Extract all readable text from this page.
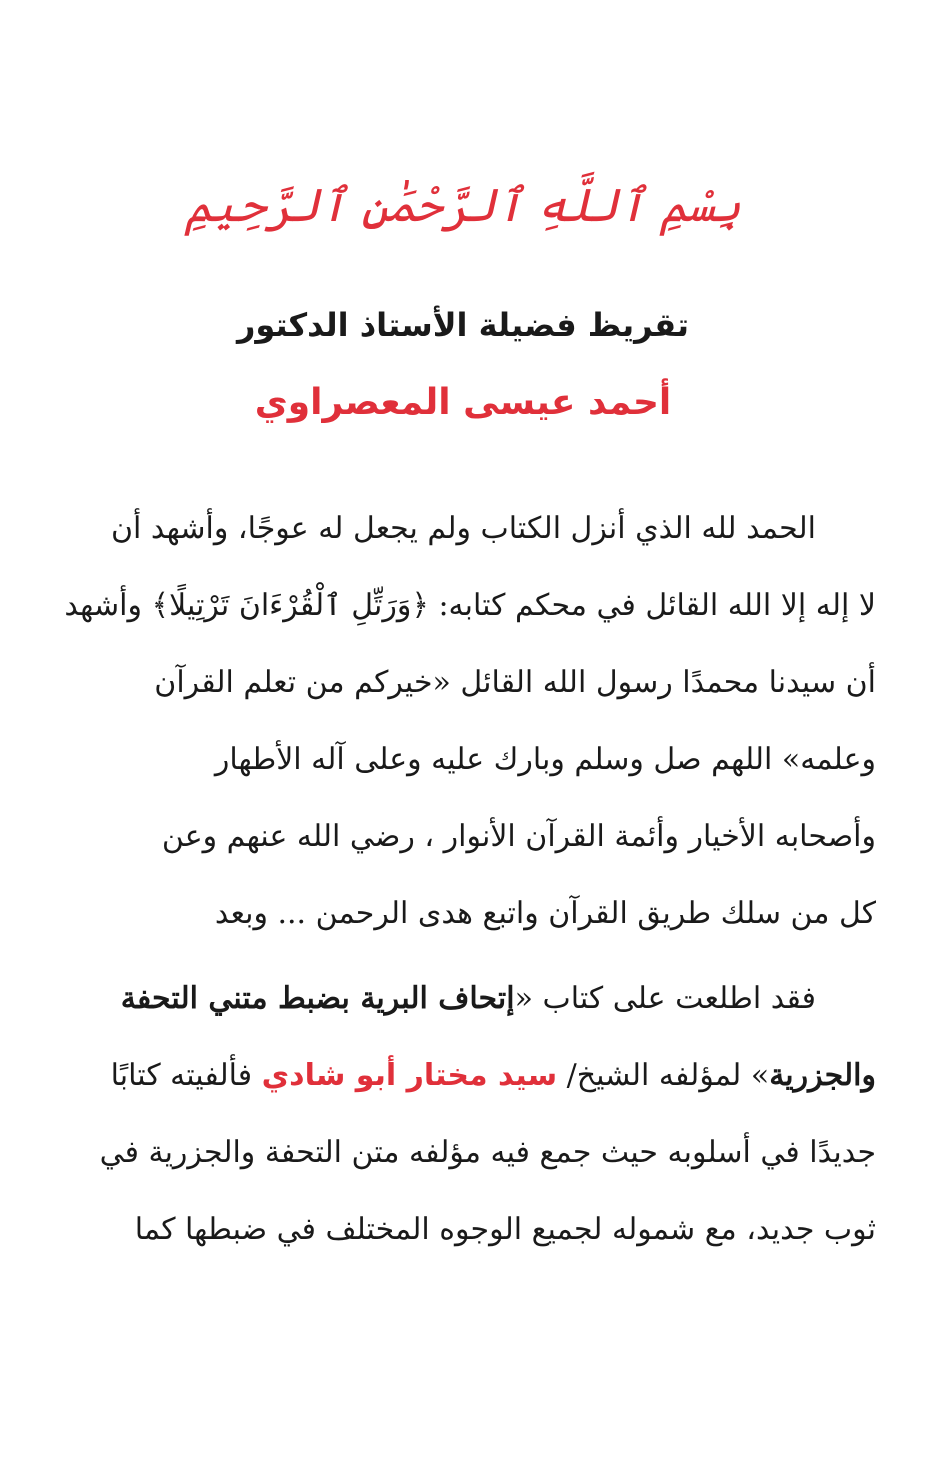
بِسْمِ ٱللَّهِ ٱلرَّحْمَٰنِ ٱلرَّحِيمِ
تقريظ فضيلة الأستاذ الدكتور
أحمد عيسى المعصراوي
الحمد لله الذي أنزل الكتاب ولم يجعل له عوجًا، وأشهد أن
لا إله إلا الله القائل في محكم كتابه: ﴿وَرَتِّلِ ٱلْقُرْءَانَ تَرْتِيلًا﴾ وأشهد
أن سيدنا محمدًا رسول الله القائل «خيركم من تعلم القرآن
وعلمه» اللهم صل وسلم وبارك عليه وعلى آله الأطهار
وأصحابه الأخيار وأئمة القرآن الأنوار ، رضي الله عنهم وعن
كل من سلك طريق القرآن واتبع هدى الرحمن ... وبعد
فقد اطلعت على كتاب «إتحاف البرية بضبط متني التحفة
والجزرية» لمؤلفه الشيخ/ سيد مختار أبو شادي فألفيته كتابًا
جديدًا في أسلوبه حيث جمع فيه مؤلفه متن التحفة والجزرية في
ثوب جديد، مع شموله لجميع الوجوه المختلف في ضبطها كما
